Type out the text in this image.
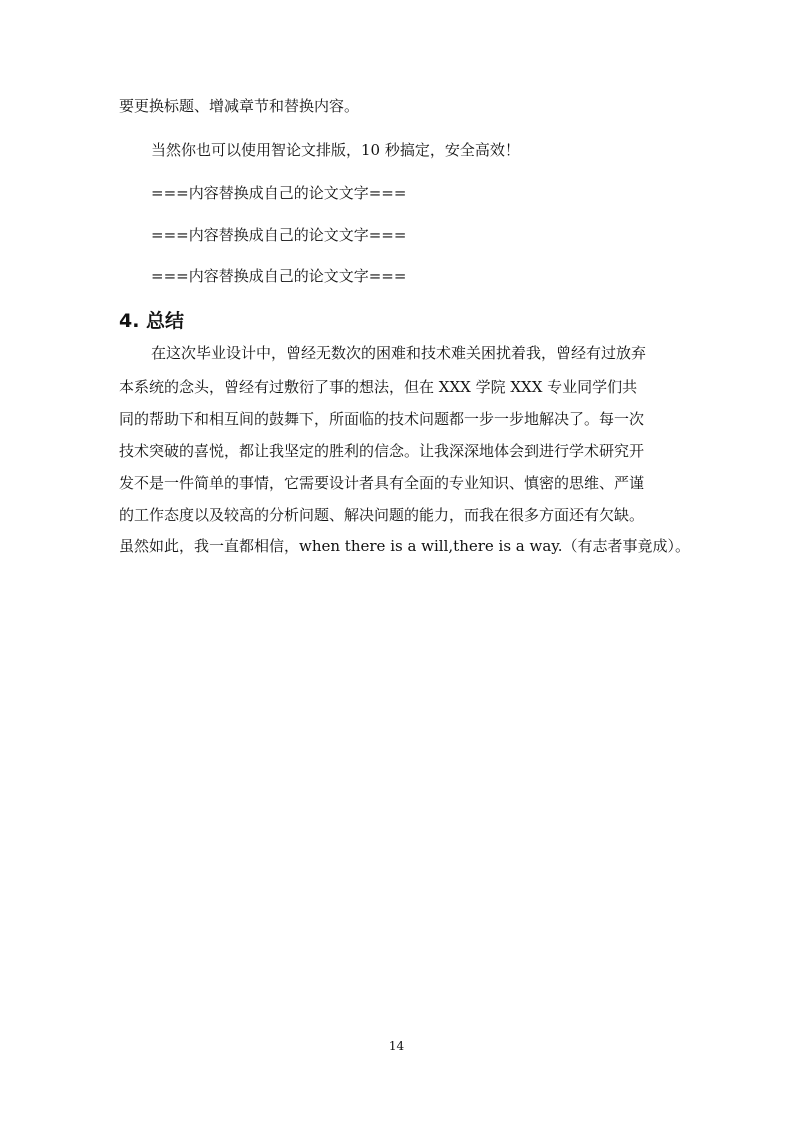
要更换标题、增减章节和替换内容。
当然你也可以使用智论文排版，10 秒搞定，安全高效！
===内容替换成自己的论文文字===
===内容替换成自己的论文文字===
===内容替换成自己的论文文字===
4. 总结
在这次毕业设计中，曾经无数次的困难和技术难关困扰着我，曾经有过放弃
本系统的念头，曾经有过敷衍了事的想法，但在 XXX 学院 XXX 专业同学们共
同的帮助下和相互间的鼓舞下，所面临的技术问题都一步一步地解决了。每一次
技术突破的喜悦，都让我坚定的胜利的信念。让我深深地体会到进行学术研究开
发不是一件简单的事情，它需要设计者具有全面的专业知识、慎密的思维、严谨
的工作态度以及较高的分析问题、解决问题的能力，而我在很多方面还有欠缺。
虽然如此，我一直都相信，when there is a will,there is a way.（有志者事竟成）。
14
